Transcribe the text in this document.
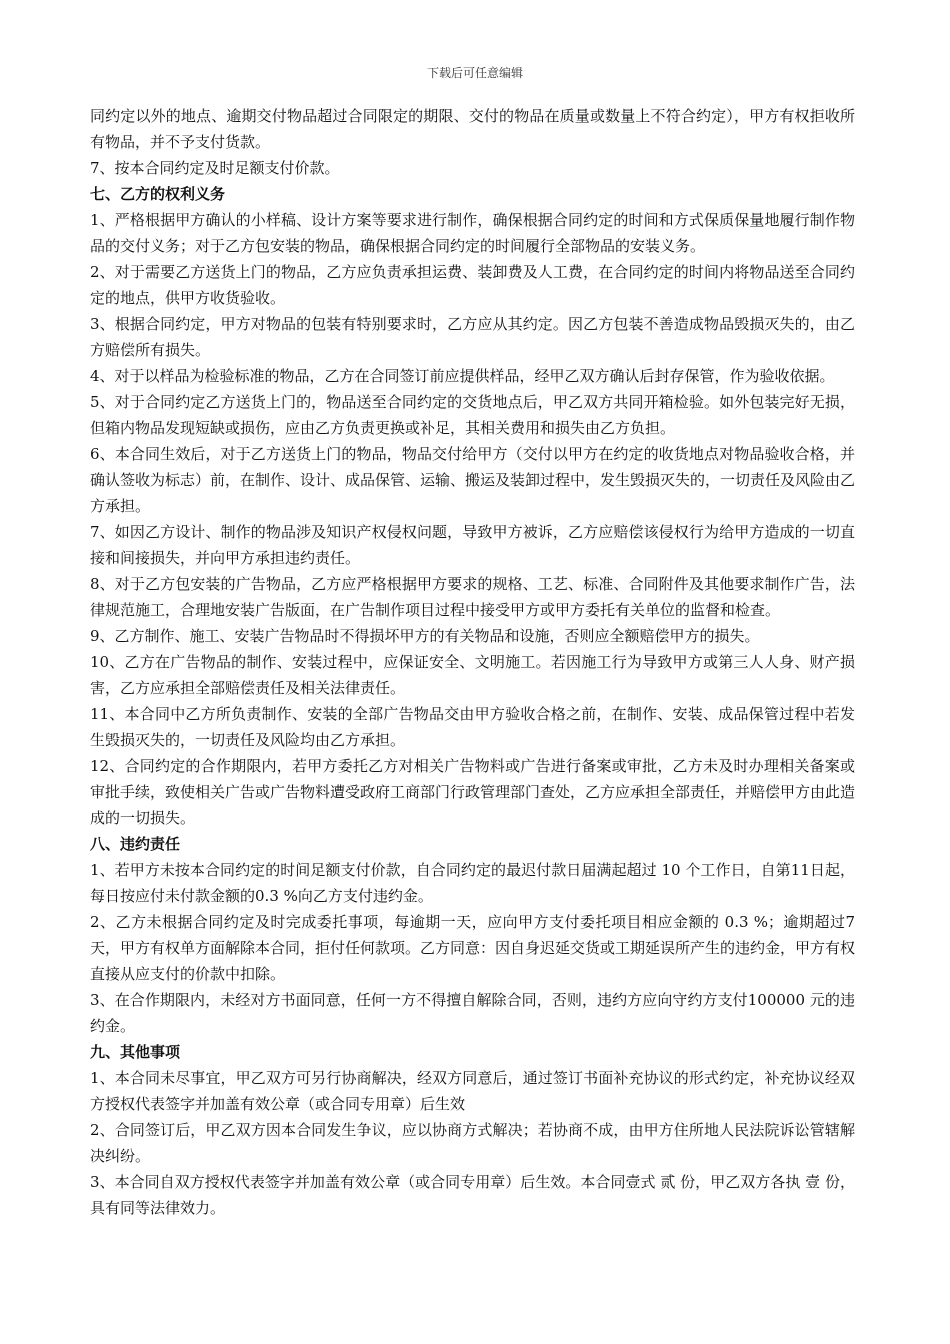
下载后可任意编辑

同约定以外的地点、逾期交付物品超过合同限定的期限、交付的物品在质量或数量上不符合约定），甲方有权拒收所有物品，并不予支付货款。

7、按本合同约定及时足额支付价款。

七、乙方的权利义务

1、严格根据甲方确认的小样稿、设计方案等要求进行制作，确保根据合同约定的时间和方式保质保量地履行制作物品的交付义务；对于乙方包安装的物品，确保根据合同约定的时间履行全部物品的安装义务。

2、对于需要乙方送货上门的物品，乙方应负责承担运费、装卸费及人工费，在合同约定的时间内将物品送至合同约定的地点，供甲方收货验收。

3、根据合同约定，甲方对物品的包装有特别要求时，乙方应从其约定。因乙方包装不善造成物品毁损灭失的，由乙方赔偿所有损失。

4、对于以样品为检验标准的物品，乙方在合同签订前应提供样品，经甲乙双方确认后封存保管，作为验收依据。

5、对于合同约定乙方送货上门的，物品送至合同约定的交货地点后，甲乙双方共同开箱检验。如外包装完好无损，但箱内物品发现短缺或损伤，应由乙方负责更换或补足，其相关费用和损失由乙方负担。

6、本合同生效后，对于乙方送货上门的物品，物品交付给甲方（交付以甲方在约定的收货地点对物品验收合格，并确认签收为标志）前，在制作、设计、成品保管、运输、搬运及装卸过程中，发生毁损灭失的，一切责任及风险由乙方承担。

7、如因乙方设计、制作的物品涉及知识产权侵权问题，导致甲方被诉，乙方应赔偿该侵权行为给甲方造成的一切直接和间接损失，并向甲方承担违约责任。

8、对于乙方包安装的广告物品，乙方应严格根据甲方要求的规格、工艺、标准、合同附件及其他要求制作广告，法律规范施工，合理地安装广告版面，在广告制作项目过程中接受甲方或甲方委托有关单位的监督和检查。

9、乙方制作、施工、安装广告物品时不得损坏甲方的有关物品和设施，否则应全额赔偿甲方的损失。

10、乙方在广告物品的制作、安装过程中，应保证安全、文明施工。若因施工行为导致甲方或第三人人身、财产损害，乙方应承担全部赔偿责任及相关法律责任。

11、本合同中乙方所负责制作、安装的全部广告物品交由甲方验收合格之前，在制作、安装、成品保管过程中若发生毁损灭失的，一切责任及风险均由乙方承担。

12、合同约定的合作期限内，若甲方委托乙方对相关广告物料或广告进行备案或审批，乙方未及时办理相关备案或审批手续，致使相关广告或广告物料遭受政府工商部门行政管理部门查处，乙方应承担全部责任，并赔偿甲方由此造成的一切损失。

八、违约责任

1、若甲方未按本合同约定的时间足额支付价款，自合同约定的最迟付款日届满起超过 10 个工作日，自第11日起，每日按应付未付款金额的0.3 %向乙方支付违约金。

2、乙方未根据合同约定及时完成委托事项，每逾期一天，应向甲方支付委托项目相应金额的 0.3 %；逾期超过7天，甲方有权单方面解除本合同，拒付任何款项。乙方同意：因自身迟延交货或工期延误所产生的违约金，甲方有权直接从应支付的价款中扣除。

3、在合作期限内，未经对方书面同意，任何一方不得擅自解除合同，否则，违约方应向守约方支付100000 元的违约金。

九、其他事项

1、本合同未尽事宜，甲乙双方可另行协商解决，经双方同意后，通过签订书面补充协议的形式约定，补充协议经双方授权代表签字并加盖有效公章（或合同专用章）后生效

2、合同签订后，甲乙双方因本合同发生争议，应以协商方式解决；若协商不成，由甲方住所地人民法院诉讼管辖解决纠纷。

3、本合同自双方授权代表签字并加盖有效公章（或合同专用章）后生效。本合同壹式 贰 份，甲乙双方各执 壹 份，具有同等法律效力。
